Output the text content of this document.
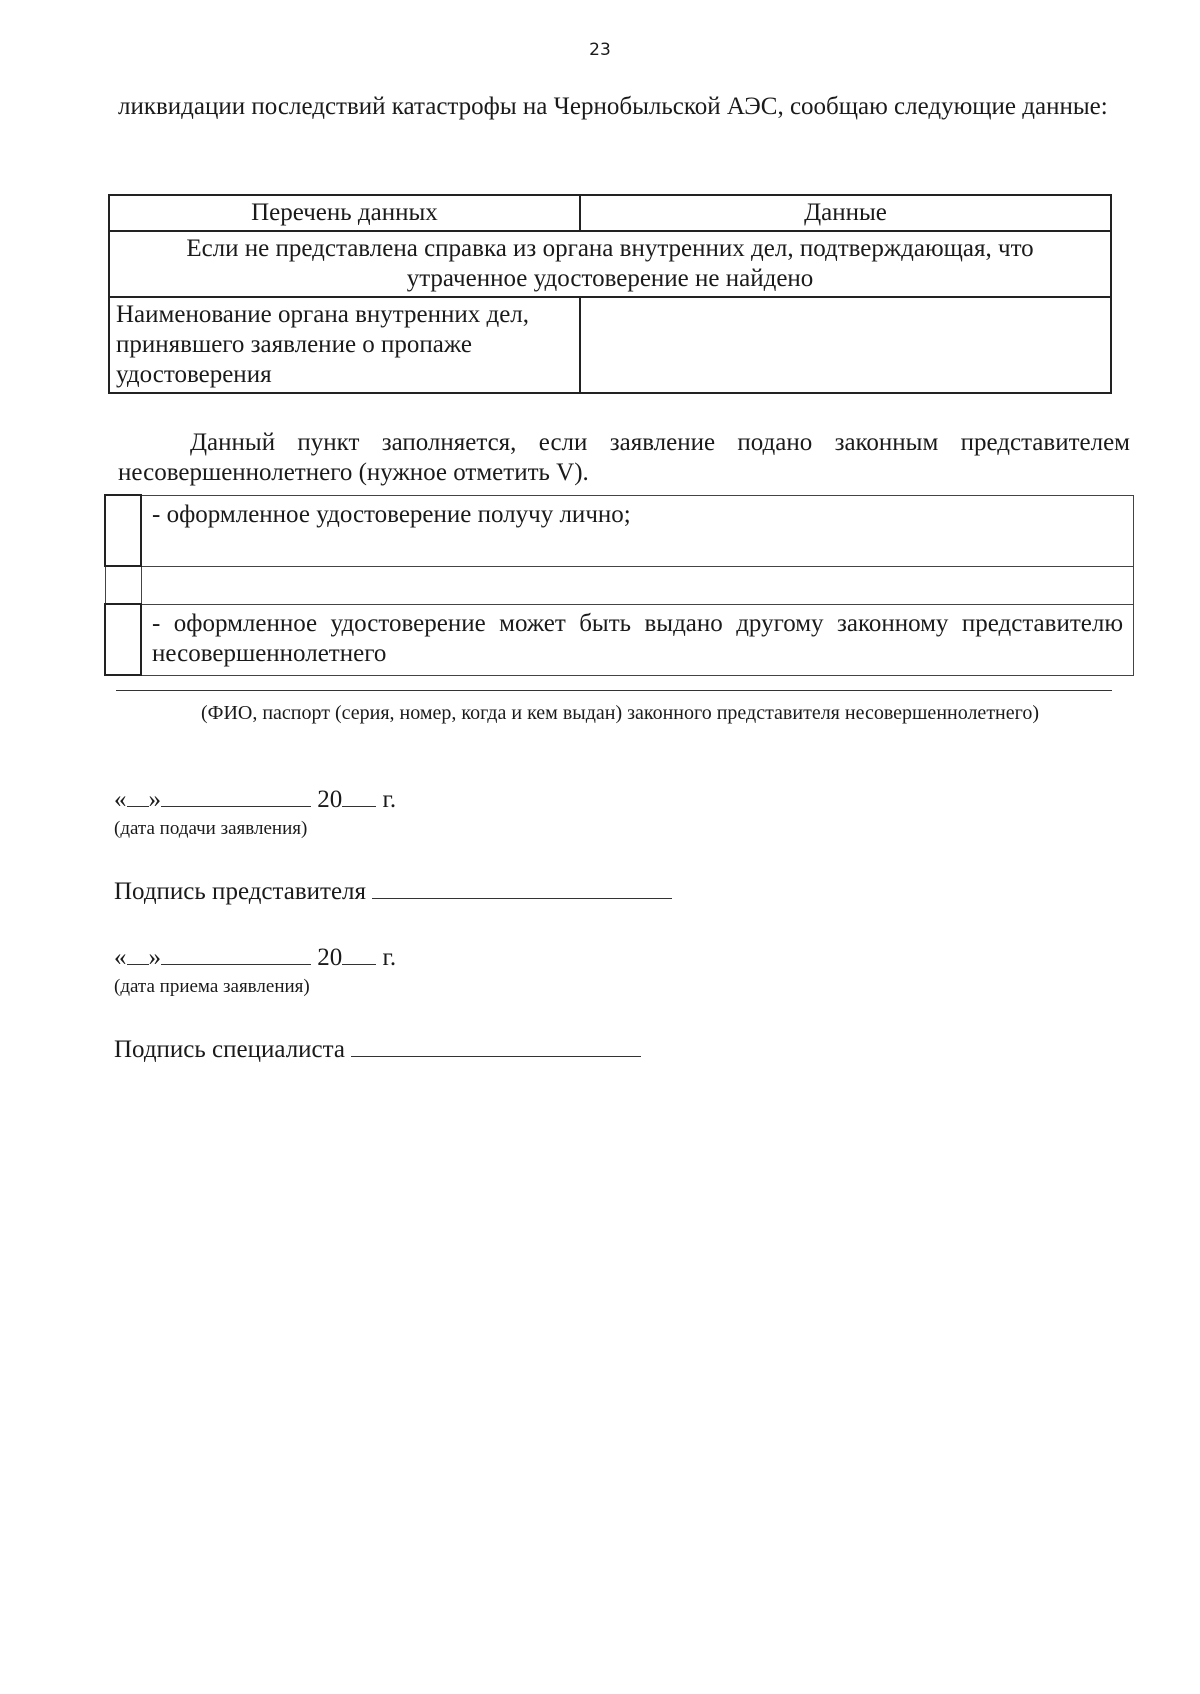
23
ликвидации последствий катастрофы на Чернобыльской АЭС, сообщаю следующие данные:
Перечень данных	Данные
Если не представлена справка из органа внутренних дел, подтверждающая, что утраченное удостоверение не найдено	
Наименование органа внутренних дел, принявшего заявление о пропаже удостоверения	
Данный пункт заполняется, если заявление подано законным представителем несовершеннолетнего (нужное отметить V).
	- оформленное удостоверение получу лично;

	- оформленное удостоверение может быть выдано другому законному представителю несовершеннолетнего
(ФИО, паспорт (серия, номер, когда и кем выдан) законного представителя несовершеннолетнего)
« »	20 г.
(дата подачи заявления)
Подпись представителя
« »	20 г.
(дата приема заявления)
Подпись специалиста
